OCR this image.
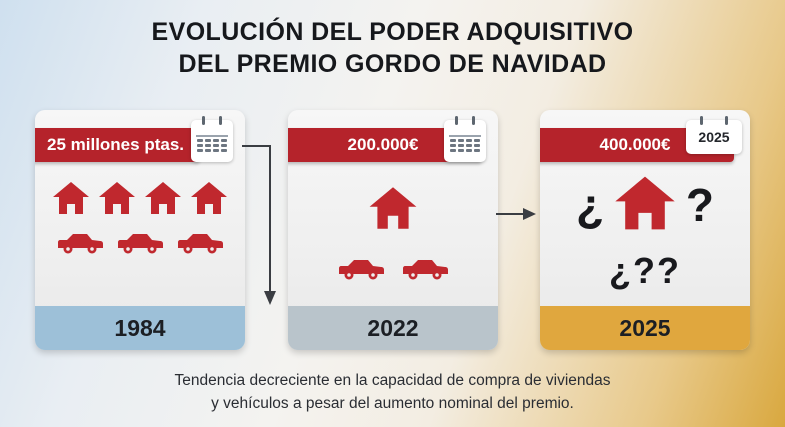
EVOLUCIÓN DEL PODER ADQUISITIVO
DEL PREMIO GORDO DE NAVIDAD
25 millones ptas.
1984
200.000€
2022
400.000€	2025
¿ ?
¿??
2025
Tendencia decreciente en la capacidad de compra de viviendas
y vehículos a pesar del aumento nominal del premio.
